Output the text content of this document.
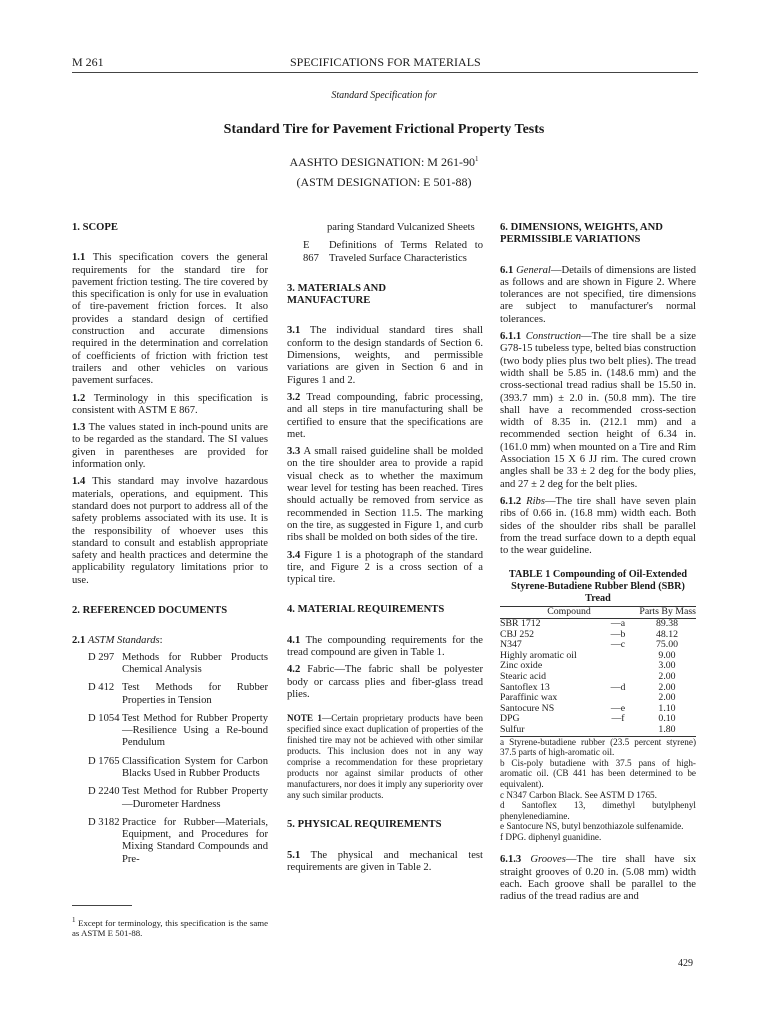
M 261	SPECIFICATIONS FOR MATERIALS
Standard Specification for
Standard Tire for Pavement Frictional Property Tests
AASHTO DESIGNATION: M $261-90^1$
(ASTM DESIGNATION: E 501-88)
1. SCOPE

1.1 This specification covers the general requirements for the standard tire for pavement friction testing. The tire covered by this specification is only for use in evaluation of tire-pavement friction forces. It also provides a standard design of certified construction and accurate dimensions required in the determination and correlation of coefficients of friction with friction test trailers and other vehicles on various pavement surfaces.

1.2 Terminology in this specification is consistent with ASTM E 867.

1.3 The values stated in inch-pound units are to be regarded as the standard. The SI values given in parentheses are provided for information only.

1.4 This standard may involve hazardous materials, operations, and equipment. This standard does not purport to address all of the safety problems associated with its use. It is the responsibility of whoever uses this standard to consult and establish appropriate safety and health practices and determine the applicability regulatory limitations prior to use.

2. REFERENCED DOCUMENTS

2.1 ASTM Standards:

D 297 Methods for Rubber Products Chemical Analysis
D 412 Test Methods for Rubber Properties in Tension
D 1054 Test Method for Rubber Property—Resilience Using a Re-bound Pendulum
D 1765 Classification System for Carbon Blacks Used in Rubber Products
D 2240 Test Method for Rubber Property—Durometer Hardness
D 3182 Practice for Rubber—Materials, Equipment, and Procedures for Mixing Standard Compounds and Pre-
$^1$ Except for terminology, this specification is the same as ASTM E 501-88.
paring Standard Vulcanized Sheets
E 867
Definitions of Terms Related to Traveled Surface Characteristics
3. MATERIALS AND MANUFACTURE

3.1 The individual standard tires shall conform to the design standards of Section 6. Dimensions, weights, and permissible variations are given in Section 6 and in Figures 1 and 2.

3.2 Tread compounding, fabric processing, and all steps in tire manufacturing shall be certified to ensure that the specifications are met.

3.3 A small raised guideline shall be molded on the tire shoulder area to provide a rapid visual check as to whether the maximum wear level for testing has been reached. Tires should actually be removed from service as recommended in Section 11.5. The marking on the tire, as suggested in Figure 1, and curb ribs shall be molded on both sides of the tire.

3.4 Figure 1 is a photograph of the standard tire, and Figure 2 is a cross section of a typical tire.

4. MATERIAL REQUIREMENTS

4.1 The compounding requirements for the tread compound are given in Table 1.

4.2 Fabric—The fabric shall be polyester body or carcass plies and fiber-glass tread plies.

NOTE 1—Certain proprietary products have been specified since exact duplication of properties of the finished tire may not be achieved with other similar products. This inclusion does not in any way comprise a recommendation for these proprietary products nor against similar products of other manufacturers, nor does it imply any superiority over any such similar products.

5. PHYSICAL REQUIREMENTS

5.1 The physical and mechanical test requirements are given in Table 2.

6. DIMENSIONS, WEIGHTS, AND PERMISSIBLE VARIATIONS

6.1 General—Details of dimensions are listed as follows and are shown in Figure 2. Where tolerances are not specified, tire dimensions are subject to manufacturer's normal tolerances.

6.1.1 Construction—The tire shall be a size G78-15 tubeless type, belted bias construction (two body plies plus two belt plies). The tread width shall be 5.85 in. (148.6 mm) and the cross-sectional tread radius shall be 15.50 in. (393.7 mm) ± 2.0 in. (50.8 mm). The tire shall have a recommended cross-section width of 8.35 in. (212.1 mm) and a recommended section height of 6.34 in. (161.0 mm) when mounted on a Tire and Rim Association 15 X 6 JJ rim. The cured crown angles shall be 33 ± 2 deg for the body plies, and 27 ± 2 deg for the belt plies.

6.1.2 Ribs—The tire shall have seven plain ribs of 0.66 in. (16.8 mm) width each. Both sides of the shoulder ribs shall be parallel from the tread surface down to a depth equal to the wear guideline.

TABLE 1 Compounding of Oil-Extended Styrene-Butadiene Rubber Blend (SBR) Tread
Compound		Parts By Mass
SBR 1712	—a	89.38
CBJ 252	—b	48.12
N347	—c	75.00
Highly aromatic oil		9.00
Zinc oxide		3.00
Stearic acid		2.00
Santoflex 13	—d	2.00
Paraffinic wax		2.00
Santocure NS	—e	1.10
DPG	—f	0.10
Sulfur		1.80

a Styrene-butadiene rubber (23.5 percent styrene) 37.5 parts of high-aromatic oil.

b Cis-poly butadiene with 37.5 pans of high-aromatic oil. (CB 441 has been determined to be equivalent).

c N347 Carbon Black. See ASTM D 1765.

d Santoflex 13, dimethyl butylphenyl phenylenediamine.

e Santocure NS, butyl benzothiazole sulfenamide.

f DPG. diphenyl guanidine.

6.1.3 Grooves—The tire shall have six straight grooves of 0.20 in. (5.08 mm) width each. Each groove shall be parallel to the radius of the tread radius are and

429
